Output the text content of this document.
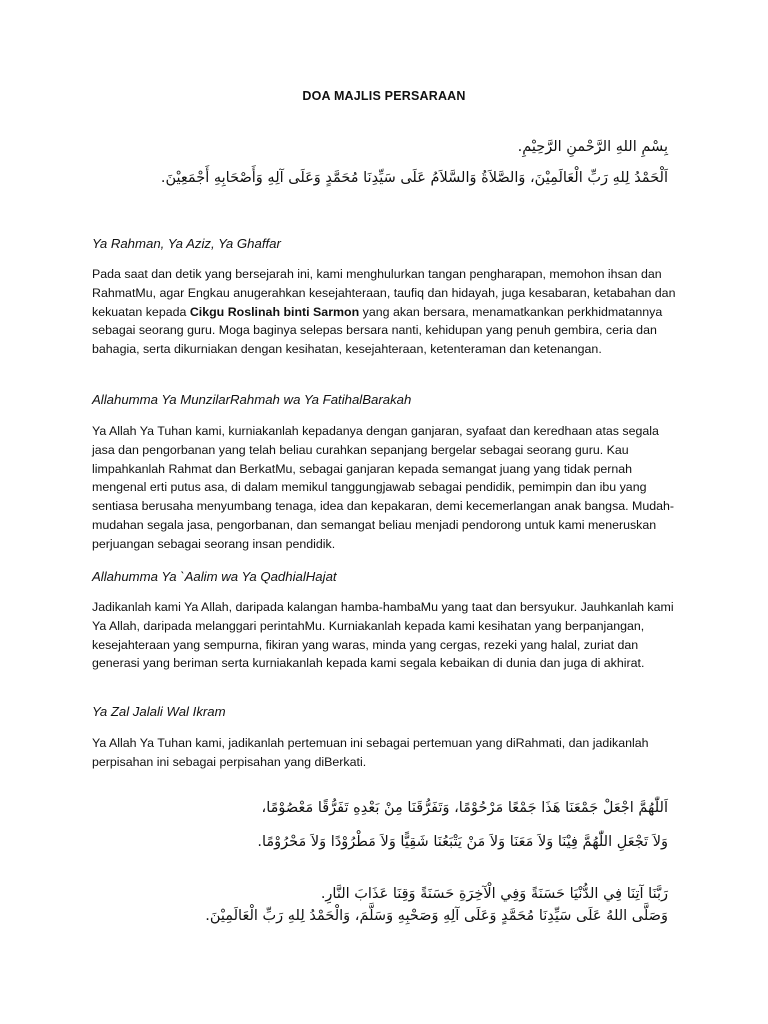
DOA MAJLIS PERSARAAN
بِسْمِ اللهِ الرَّحْمنِ الرَّحِيْمِ.
اَلْحَمْدُ لِلهِ رَبِّ الْعَالَمِيْنَ، وَالصَّلاَةُ وَالسَّلاَمُ عَلَى سَيِّدِنَا مُحَمَّدٍ وَعَلَى آلِهِ وَأَصْحَابِهِ أَجْمَعِيْنَ.
Ya Rahman, Ya Aziz, Ya Ghaffar
Pada saat dan detik yang bersejarah ini, kami menghulurkan tangan pengharapan, memohon ihsan dan RahmatMu, agar Engkau anugerahkan kesejahteraan, taufiq dan hidayah, juga kesabaran, ketabahan dan kekuatan kepada Cikgu Roslinah binti Sarmon yang akan bersara, menamatkankan perkhidmatannya sebagai seorang guru. Moga baginya selepas bersara nanti, kehidupan yang penuh gembira, ceria dan bahagia, serta dikurniakan dengan kesihatan, kesejahteraan, ketenteraman dan ketenangan.
Allahumma Ya MunzilarRahmah wa Ya FatihalBarakah
Ya Allah Ya Tuhan kami, kurniakanlah kepadanya dengan ganjaran, syafaat dan keredhaan atas segala jasa dan pengorbanan yang telah beliau curahkan sepanjang bergelar sebagai seorang guru. Kau limpahkanlah Rahmat dan BerkatMu, sebagai ganjaran kepada semangat juang yang tidak pernah mengenal erti putus asa, di dalam memikul tanggungjawab sebagai pendidik, pemimpin dan ibu yang sentiasa berusaha menyumbang tenaga, idea dan kepakaran, demi kecemerlangan anak bangsa. Mudah-mudahan segala jasa, pengorbanan, dan semangat beliau menjadi pendorong untuk kami meneruskan perjuangan sebagai seorang insan pendidik.
Allahumma Ya `Aalim wa Ya QadhialHajat
Jadikanlah kami Ya Allah, daripada kalangan hamba-hambaMu yang taat dan bersyukur. Jauhkanlah kami Ya Allah, daripada melanggari perintahMu. Kurniakanlah kepada kami kesihatan yang berpanjangan, kesejahteraan yang sempurna, fikiran yang waras, minda yang cergas, rezeki yang halal, zuriat dan generasi yang beriman serta kurniakanlah kepada kami segala kebaikan di dunia dan juga di akhirat.
Ya Zal Jalali Wal Ikram
Ya Allah Ya Tuhan kami, jadikanlah pertemuan ini sebagai pertemuan yang diRahmati, dan jadikanlah perpisahan ini sebagai perpisahan yang diBerkati.
اَللّٰهُمَّ اجْعَلْ جَمْعَنَا هَذَا جَمْعًا مَرْحُوْمًا، وَتَفَرُّقَنَا مِنْ بَعْدِهِ تَفَرُّقًا مَعْصُوْمًا،
وَلاَ تَجْعَلِ اللّٰهُمَّ فِيْنَا وَلاَ مَعَنَا وَلاَ مَنْ يَتْبَعُنَا شَقِيًّا وَلاَ مَطْرُوْدًا وَلاَ مَحْرُوْمًا.
رَبَّنَا آتِنَا فِي الدُّنْيَا حَسَنَةً وَفِي الْآخِرَةِ حَسَنَةً وَقِنَا عَذَابَ النَّارِ.
وَصَلَّى اللهُ عَلَى سَيِّدِنَا مُحَمَّدٍ وَعَلَى آلِهِ وَصَحْبِهِ وَسَلَّمَ، وَالْحَمْدُ لِلهِ رَبِّ الْعَالَمِيْنَ.
